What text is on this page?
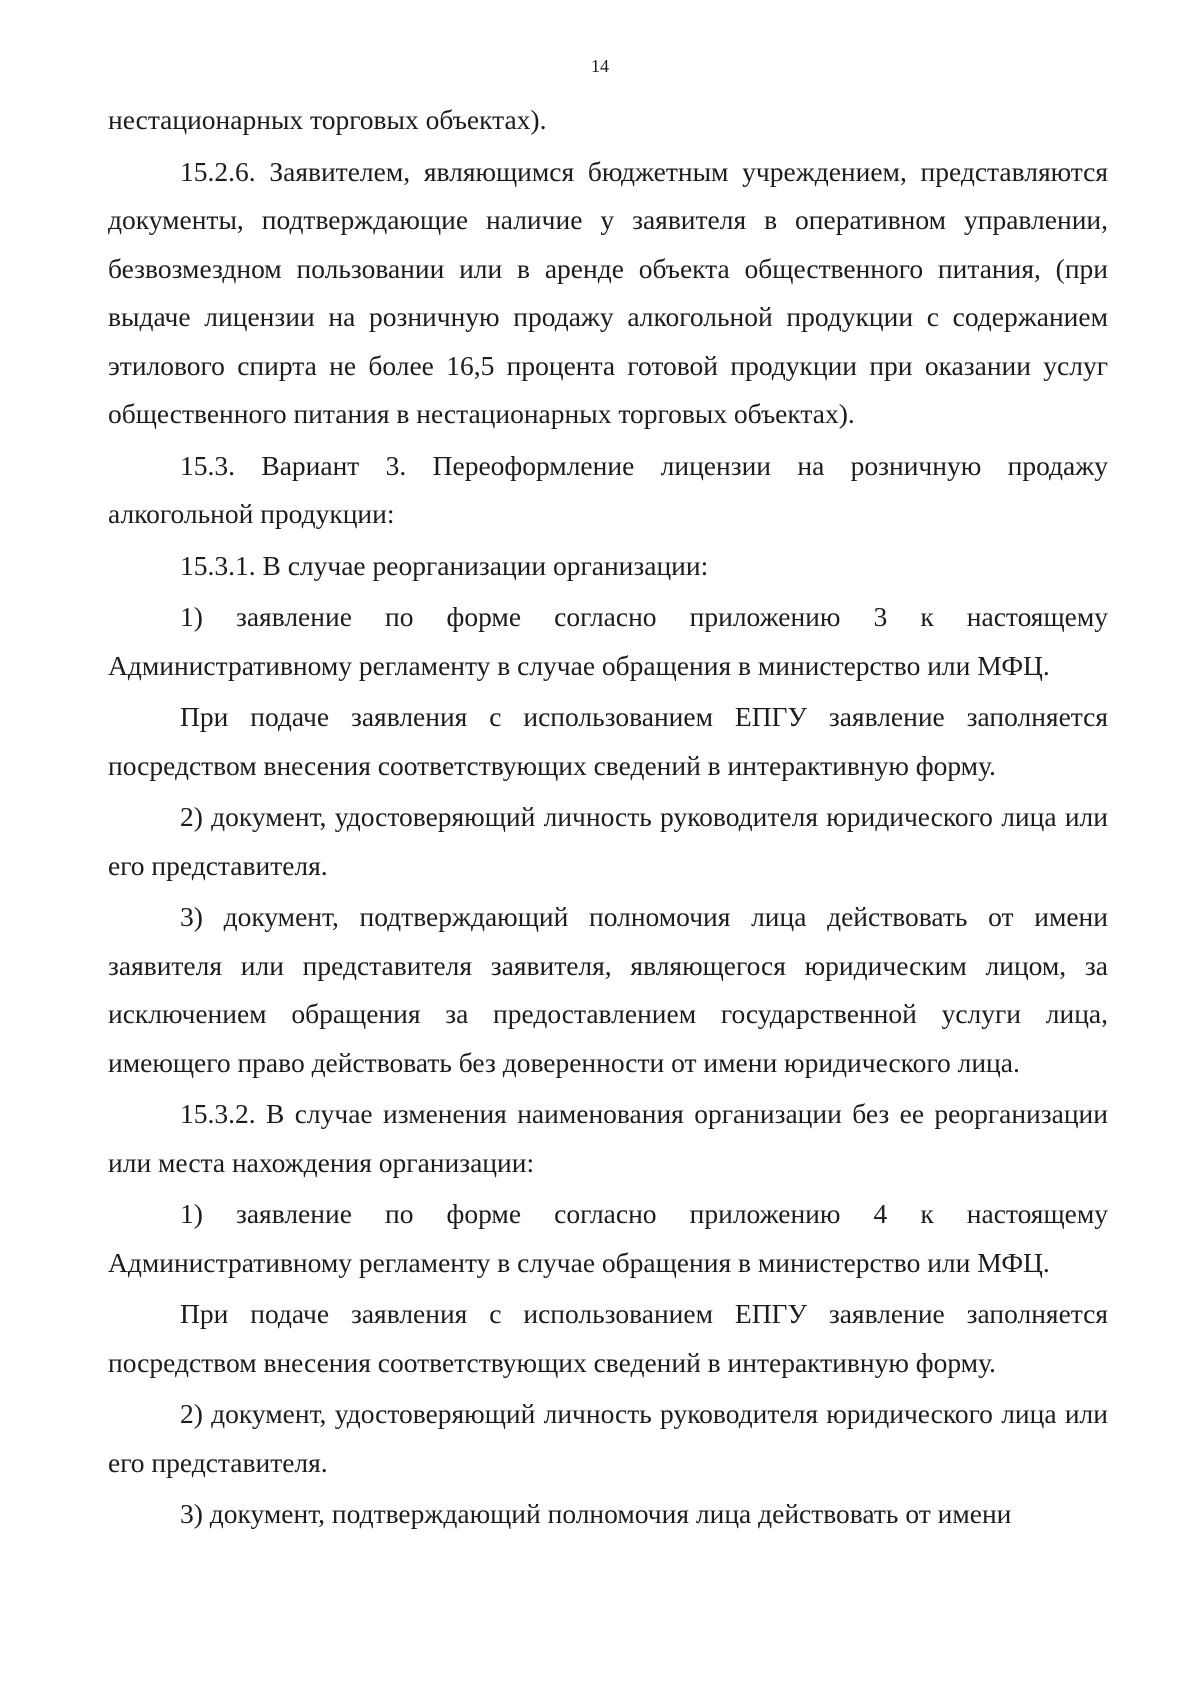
14

нестационарных торговых объектах).

15.2.6. Заявителем, являющимся бюджетным учреждением, представляются документы, подтверждающие наличие у заявителя в оперативном управлении, безвозмездном пользовании или в аренде объекта общественного питания, (при выдаче лицензии на розничную продажу алкогольной продукции с содержанием этилового спирта не более 16,5 процента готовой продукции при оказании услуг общественного питания в нестационарных торговых объектах).

15.3. Вариант 3. Переоформление лицензии на розничную продажу алкогольной продукции:

15.3.1. В случае реорганизации организации:

1) заявление по форме согласно приложению 3 к настоящему Административному регламенту в случае обращения в министерство или МФЦ.

При подаче заявления с использованием ЕПГУ заявление заполняется посредством внесения соответствующих сведений в интерактивную форму.

2) документ, удостоверяющий личность руководителя юридического лица или его представителя.

3) документ, подтверждающий полномочия лица действовать от имени заявителя или представителя заявителя, являющегося юридическим лицом, за исключением обращения за предоставлением государственной услуги лица, имеющего право действовать без доверенности от имени юридического лица.

15.3.2. В случае изменения наименования организации без ее реорганизации или места нахождения организации:

1) заявление по форме согласно приложению 4 к настоящему Административному регламенту в случае обращения в министерство или МФЦ.

При подаче заявления с использованием ЕПГУ заявление заполняется посредством внесения соответствующих сведений в интерактивную форму.

2) документ, удостоверяющий личность руководителя юридического лица или его представителя.

3) документ, подтверждающий полномочия лица действовать от имени
